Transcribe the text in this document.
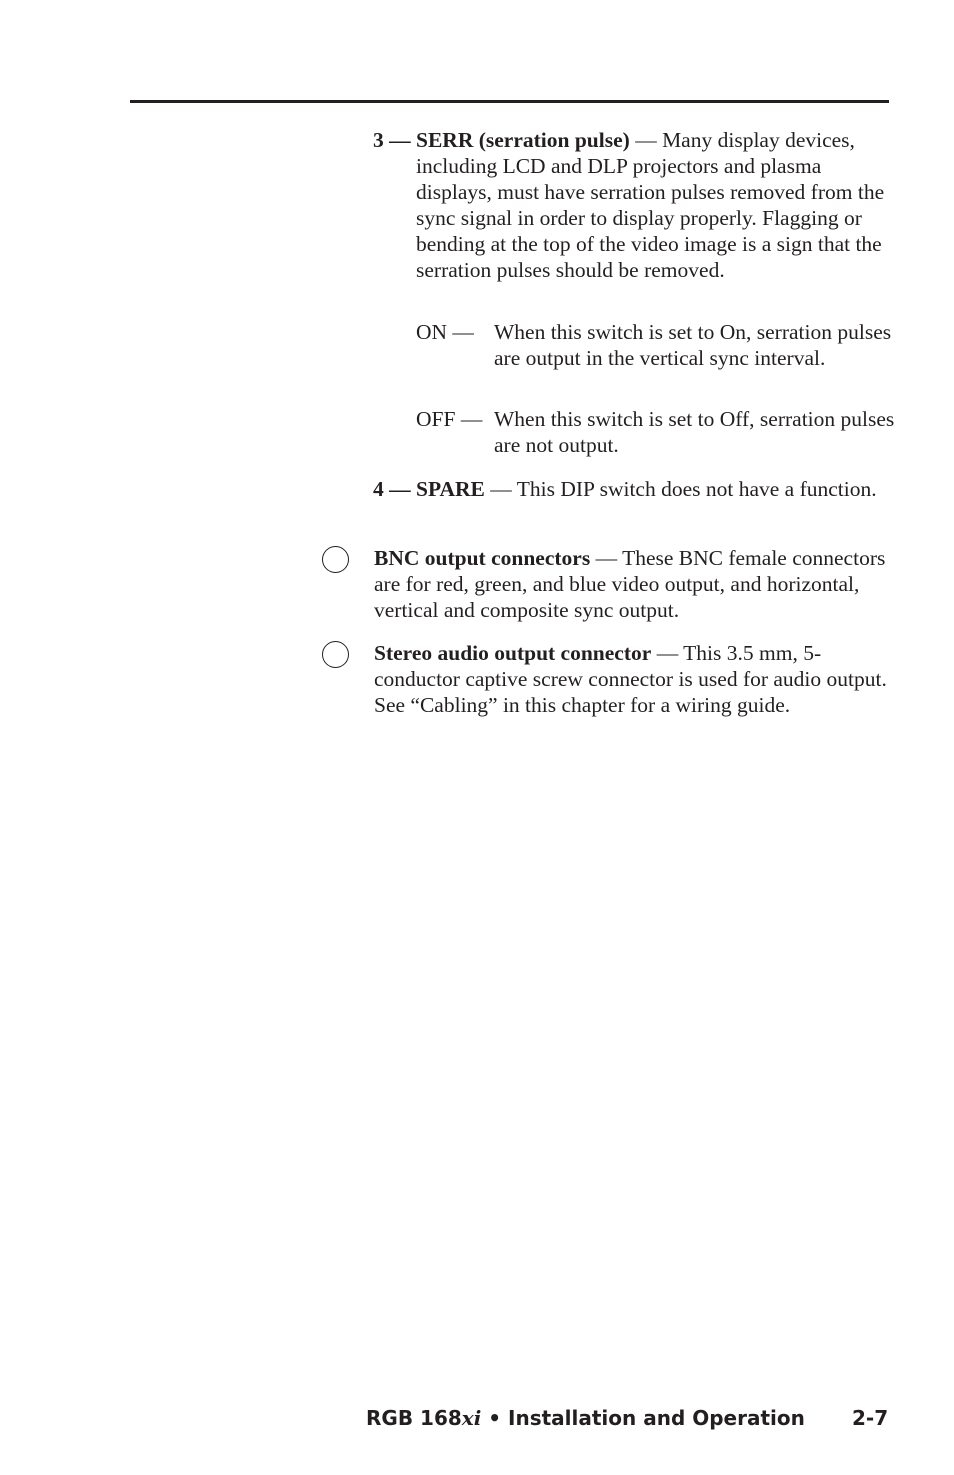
3 — SERR (serration pulse) — Many display devices, including LCD and DLP projectors and plasma displays, must have serration pulses removed from the sync signal in order to display properly. Flagging or bending at the top of the video image is a sign that the serration pulses should be removed.
ON — When this switch is set to On, serration pulses are output in the vertical sync interval.
OFF — When this switch is set to Off, serration pulses are not output.
4 — SPARE — This DIP switch does not have a function.
BNC output connectors — These BNC female connectors are for red, green, and blue video output, and horizontal, vertical and composite sync output.
Stereo audio output connector — This 3.5 mm, 5-conductor captive screw connector is used for audio output. See “Cabling” in this chapter for a wiring guide.
RGB 168xi • Installation and Operation 2-7
